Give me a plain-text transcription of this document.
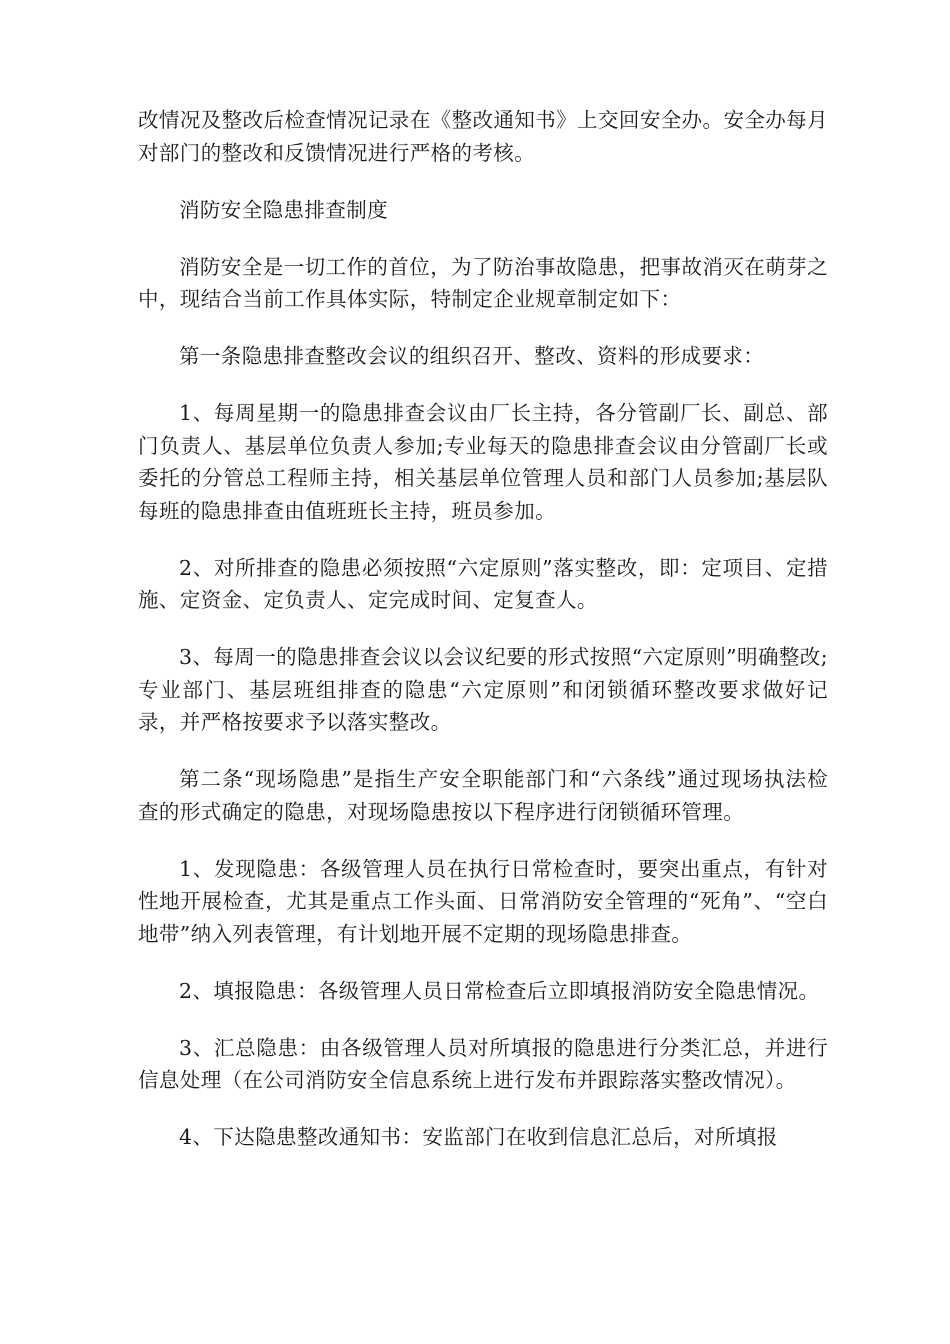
改情况及整改后检查情况记录在《整改通知书》上交回安全办。安全办每月对部门的整改和反馈情况进行严格的考核。

消防安全隐患排查制度

消防安全是一切工作的首位，为了防治事故隐患，把事故消灭在萌芽之中，现结合当前工作具体实际，特制定企业规章制定如下：

第一条隐患排查整改会议的组织召开、整改、资料的形成要求：

1、每周星期一的隐患排查会议由厂长主持，各分管副厂长、副总、部门负责人、基层单位负责人参加;专业每天的隐患排查会议由分管副厂长或委托的分管总工程师主持，相关基层单位管理人员和部门人员参加;基层队每班的隐患排查由值班班长主持，班员参加。

2、对所排查的隐患必须按照“六定原则”落实整改，即：定项目、定措施、定资金、定负责人、定完成时间、定复查人。

3、每周一的隐患排查会议以会议纪要的形式按照“六定原则”明确整改;专业部门、基层班组排查的隐患“六定原则”和闭锁循环整改要求做好记录，并严格按要求予以落实整改。

第二条“现场隐患”是指生产安全职能部门和“六条线”通过现场执法检查的形式确定的隐患，对现场隐患按以下程序进行闭锁循环管理。

1、发现隐患：各级管理人员在执行日常检查时，要突出重点，有针对性地开展检查，尤其是重点工作头面、日常消防安全管理的“死角”、“空白地带”纳入列表管理，有计划地开展不定期的现场隐患排查。

2、填报隐患：各级管理人员日常检查后立即填报消防安全隐患情况。

3、汇总隐患：由各级管理人员对所填报的隐患进行分类汇总，并进行信息处理（在公司消防安全信息系统上进行发布并跟踪落实整改情况）。

4、下达隐患整改通知书：安监部门在收到信息汇总后，对所填报
